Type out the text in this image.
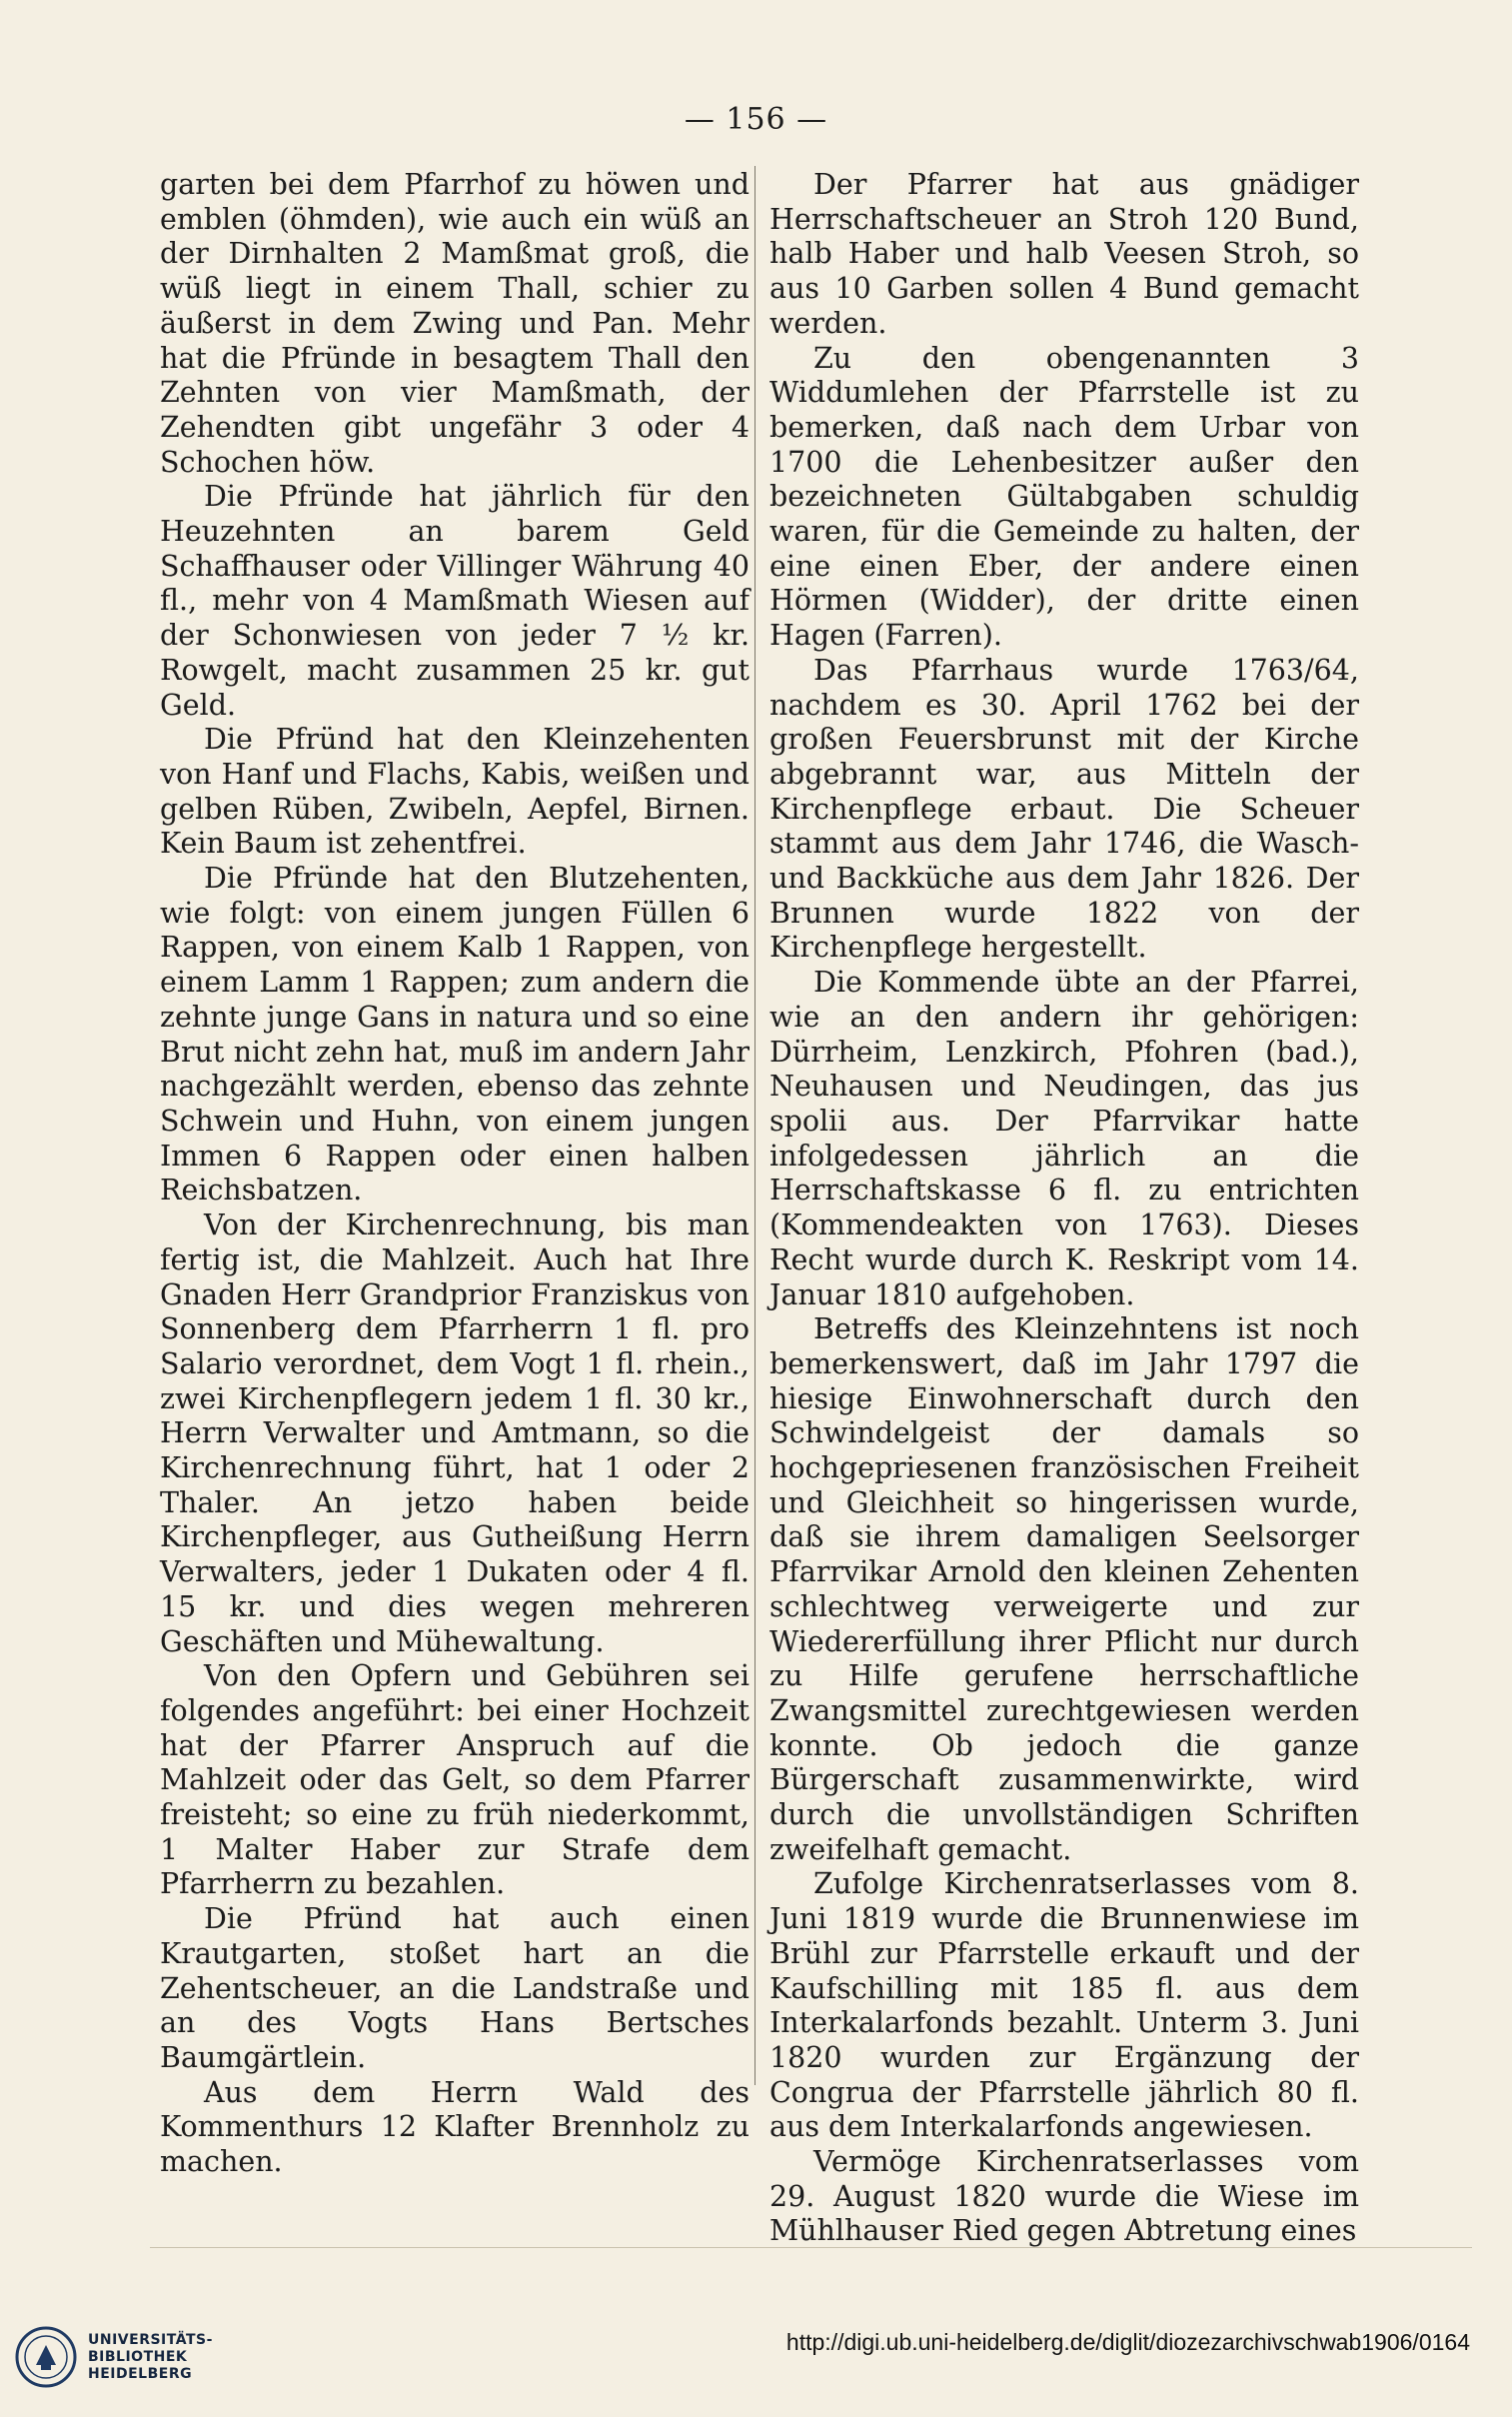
— 156 —

garten bei dem Pfarrhof zu höwen und emblen (öhmden), wie auch ein wüß an der Dirnhalten 2 Mamßmat groß, die wüß liegt in einem Thall, schier zu äußerst in dem Zwing und Pan. Mehr hat die Pfründe in besagtem Thall den Zehnten von vier Mamßmath, der Zehendten gibt ungefähr 3 oder 4 Schochen höw.

Die Pfründe hat jährlich für den Heuzehnten an barem Geld Schaffhauser oder Villinger Währung 40 fl., mehr von 4 Mamßmath Wiesen auf der Schonwiesen von jeder 7 ½ kr. Rowgelt, macht zusammen 25 kr. gut Geld.

Die Pfründ hat den Kleinzehenten von Hanf und Flachs, Kabis, weißen und gelben Rüben, Zwibeln, Aepfel, Birnen. Kein Baum ist zehentfrei.

Die Pfründe hat den Blutzehenten, wie folgt: von einem jungen Füllen 6 Rappen, von einem Kalb 1 Rappen, von einem Lamm 1 Rappen; zum andern die zehnte junge Gans in natura und so eine Brut nicht zehn hat, muß im andern Jahr nachgezählt werden, ebenso das zehnte Schwein und Huhn, von einem jungen Immen 6 Rappen oder einen halben Reichsbatzen.

Von der Kirchenrechnung, bis man fertig ist, die Mahlzeit. Auch hat Ihre Gnaden Herr Grandprior Franziskus von Sonnenberg dem Pfarrherrn 1 fl. pro Salario verordnet, dem Vogt 1 fl. rhein., zwei Kirchenpflegern jedem 1 fl. 30 kr., Herrn Verwalter und Amtmann, so die Kirchenrechnung führt, hat 1 oder 2 Thaler. An jetzo haben beide Kirchenpfleger, aus Gutheißung Herrn Verwalters, jeder 1 Dukaten oder 4 fl. 15 kr. und dies wegen mehreren Geschäften und Mühewaltung.

Von den Opfern und Gebühren sei folgendes angeführt: bei einer Hochzeit hat der Pfarrer Anspruch auf die Mahlzeit oder das Gelt, so dem Pfarrer freisteht; so eine zu früh niederkommt, 1 Malter Haber zur Strafe dem Pfarrherrn zu bezahlen.

Die Pfründ hat auch einen Krautgarten, stoßet hart an die Zehentscheuer, an die Landstraße und an des Vogts Hans Bertsches Baumgärtlein.

Aus dem Herrn Wald des Kommenthurs 12 Klafter Brennholz zu machen.

Der Pfarrer hat aus gnädiger Herrschaftscheuer an Stroh 120 Bund, halb Haber und halb Veesen Stroh, so aus 10 Garben sollen 4 Bund gemacht werden.

Zu den obengenannten 3 Widdumlehen der Pfarrstelle ist zu bemerken, daß nach dem Urbar von 1700 die Lehenbesitzer außer den bezeichneten Gültabgaben schuldig waren, für die Gemeinde zu halten, der eine einen Eber, der andere einen Hörmen (Widder), der dritte einen Hagen (Farren).

Das Pfarrhaus wurde 1763/64, nachdem es 30. April 1762 bei der großen Feuersbrunst mit der Kirche abgebrannt war, aus Mitteln der Kirchenpflege erbaut. Die Scheuer stammt aus dem Jahr 1746, die Wasch- und Backküche aus dem Jahr 1826. Der Brunnen wurde 1822 von der Kirchenpflege hergestellt.

Die Kommende übte an der Pfarrei, wie an den andern ihr gehörigen: Dürrheim, Lenzkirch, Pfohren (bad.), Neuhausen und Neudingen, das jus spolii aus. Der Pfarrvikar hatte infolgedessen jährlich an die Herrschaftskasse 6 fl. zu entrichten (Kommendeakten von 1763). Dieses Recht wurde durch K. Reskript vom 14. Januar 1810 aufgehoben.

Betreffs des Kleinzehntens ist noch bemerkenswert, daß im Jahr 1797 die hiesige Einwohnerschaft durch den Schwindelgeist der damals so hochgepriesenen französischen Freiheit und Gleichheit so hingerissen wurde, daß sie ihrem damaligen Seelsorger Pfarrvikar Arnold den kleinen Zehenten schlechtweg verweigerte und zur Wiedererfüllung ihrer Pflicht nur durch zu Hilfe gerufene herrschaftliche Zwangsmittel zurechtgewiesen werden konnte. Ob jedoch die ganze Bürgerschaft zusammenwirkte, wird durch die unvollständigen Schriften zweifelhaft gemacht.

Zufolge Kirchenratserlasses vom 8. Juni 1819 wurde die Brunnenwiese im Brühl zur Pfarrstelle erkauft und der Kaufschilling mit 185 fl. aus dem Interkalarfonds bezahlt. Unterm 3. Juni 1820 wurden zur Ergänzung der Congrua der Pfarrstelle jährlich 80 fl. aus dem Interkalarfonds angewiesen.

Vermöge Kirchenratserlasses vom 29. August 1820 wurde die Wiese im Mühlhauser Ried gegen Abtretung eines

UNIVERSITÄTS-
BIBLIOTHEK
HEIDELBERG
http://digi.ub.uni-heidelberg.de/diglit/diozezarchivschwab1906/0164
